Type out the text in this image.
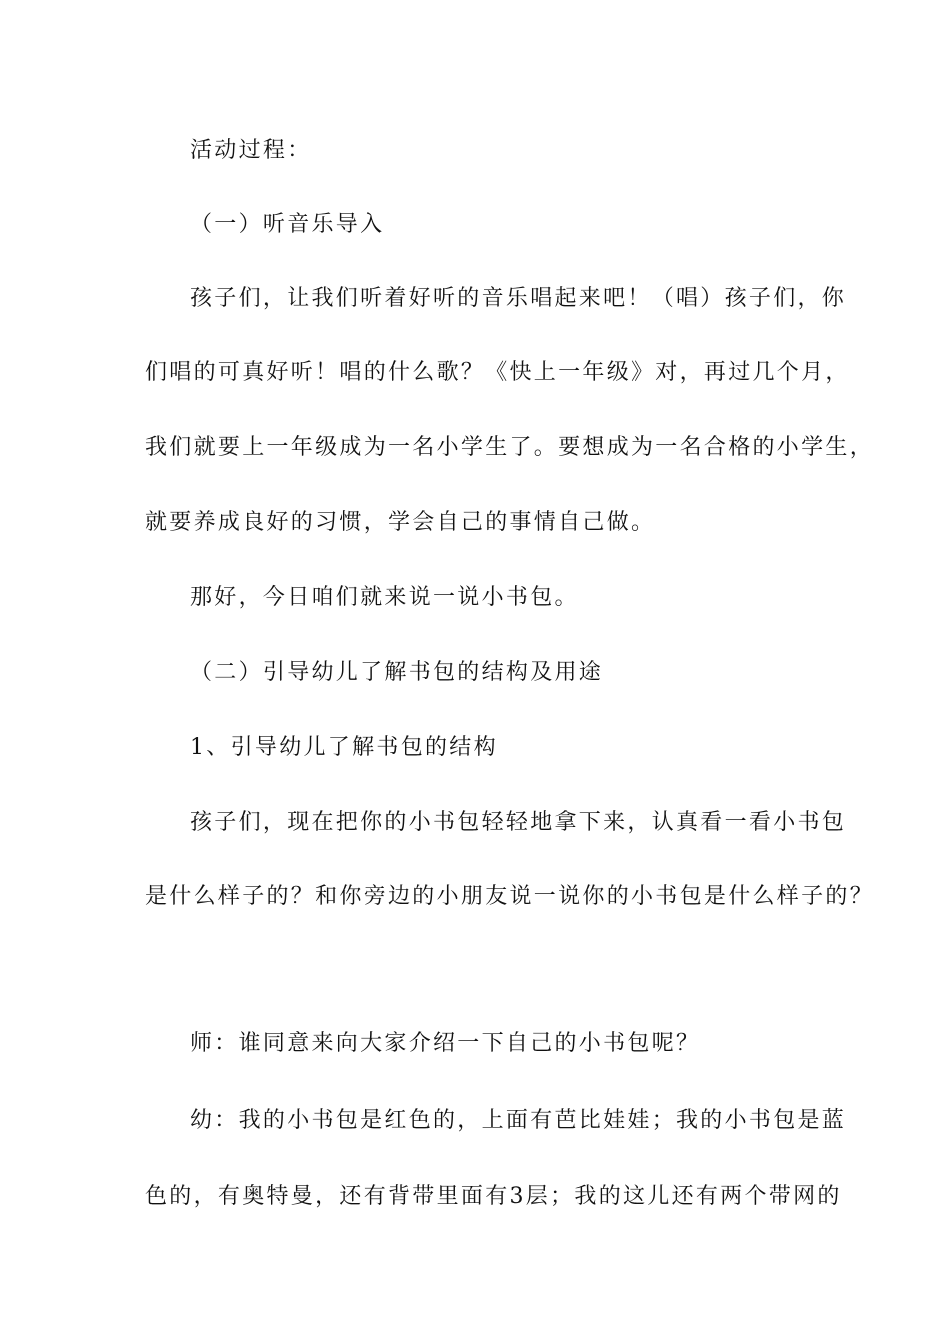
活动过程：
（一）听音乐导入
孩子们，让我们听着好听的音乐唱起来吧！（唱）孩子们，你
们唱的可真好听！唱的什么歌？《快上一年级》对，再过几个月，
我们就要上一年级成为一名小学生了。要想成为一名合格的小学生，
就要养成良好的习惯，学会自己的事情自己做。
那好，今日咱们就来说一说小书包。
（二）引导幼儿了解书包的结构及用途
1、引导幼儿了解书包的结构
孩子们，现在把你的小书包轻轻地拿下来，认真看一看小书包
是什么样子的？和你旁边的小朋友说一说你的小书包是什么样子的？
师：谁同意来向大家介绍一下自己的小书包呢？
幼：我的小书包是红色的，上面有芭比娃娃；我的小书包是蓝
色的，有奥特曼，还有背带里面有3层；我的这儿还有两个带网的
